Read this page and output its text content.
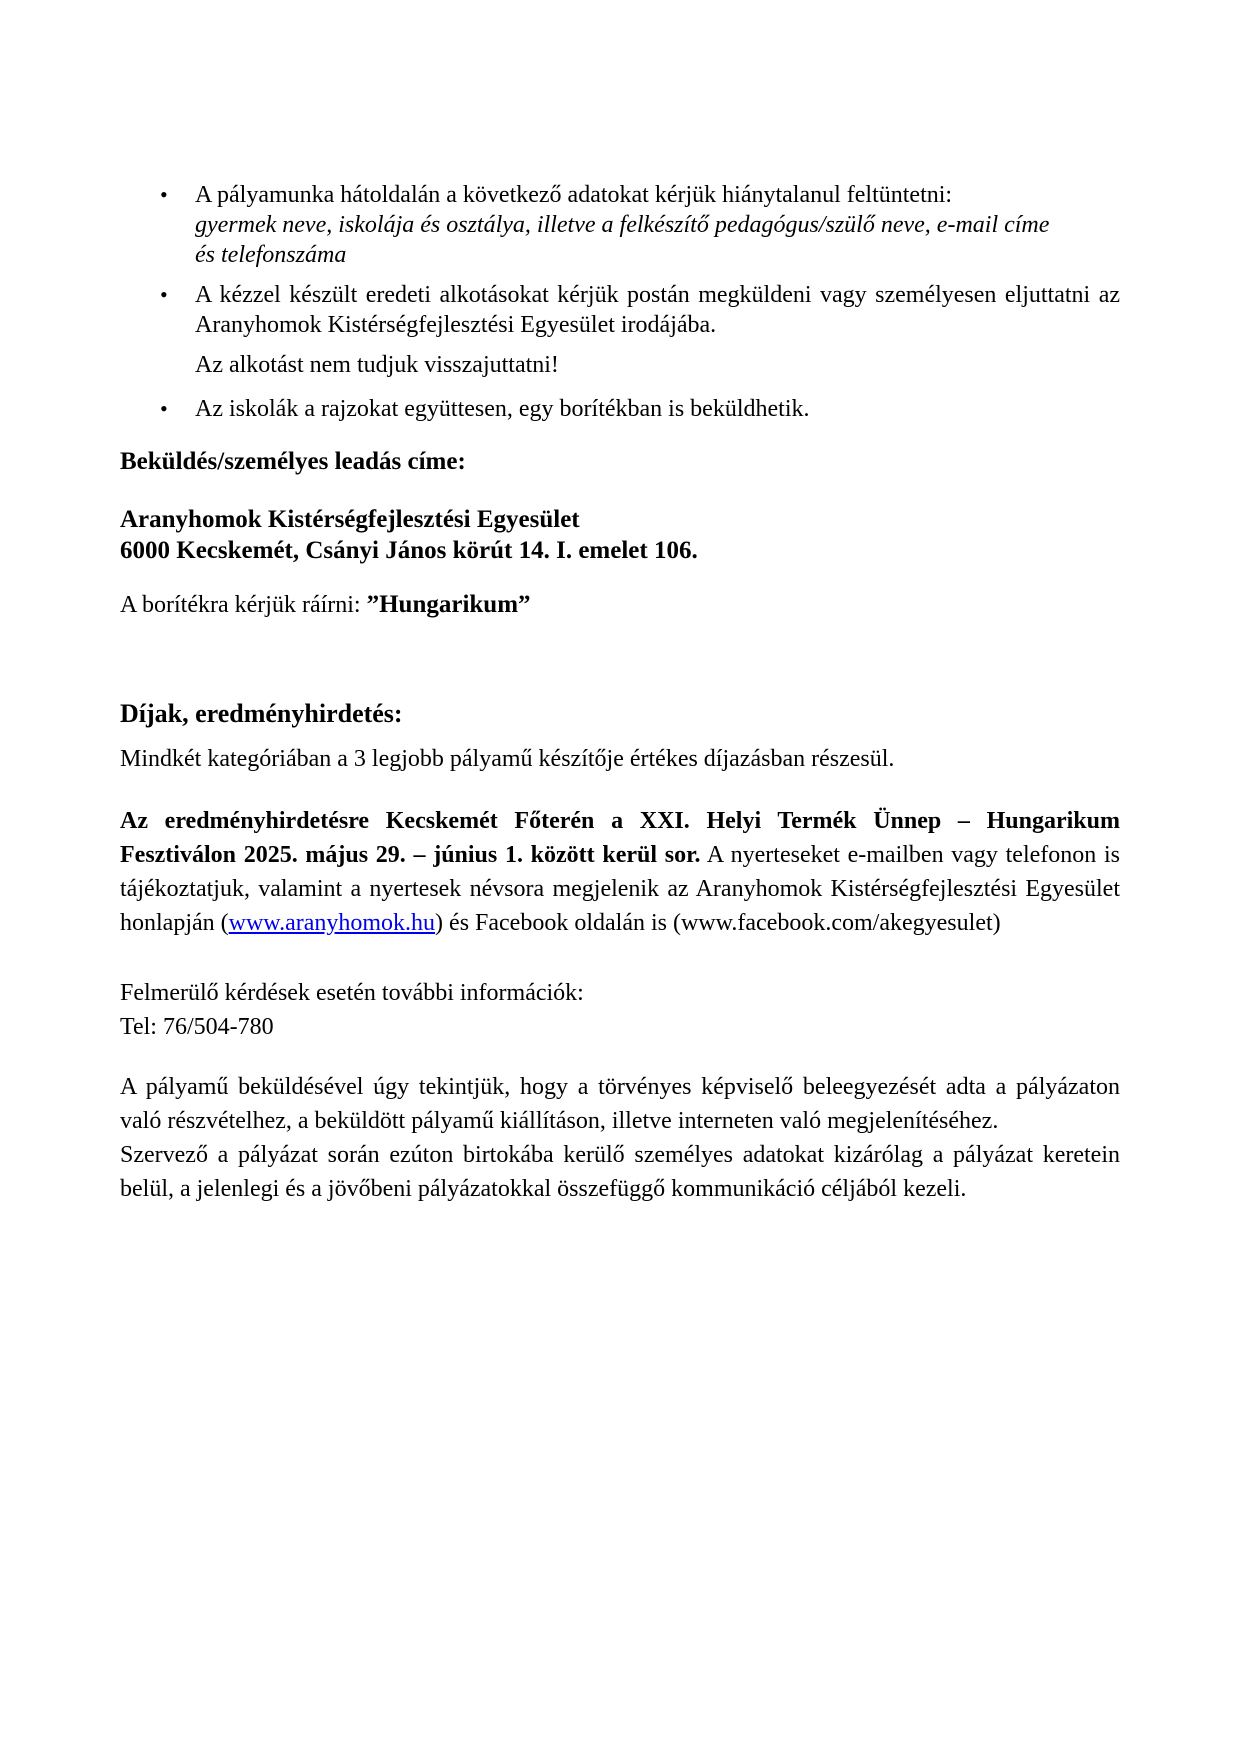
•	A pályamunka hátoldalán a következő adatokat kérjük hiánytalanul feltüntetni:
gyermek neve, iskolája és osztálya, illetve a felkészítő pedagógus/szülő neve, e-mail címe
és telefonszáma
•	A kézzel készült eredeti alkotásokat kérjük postán megküldeni vagy személyesen eljuttatni az Aranyhomok Kistérségfejlesztési Egyesület irodájába.
Az alkotást nem tudjuk visszajuttatni!
•	Az iskolák a rajzokat együttesen, egy borítékban is beküldhetik.
Beküldés/személyes leadás címe:
Aranyhomok Kistérségfejlesztési Egyesület
6000 Kecskemét, Csányi János körút 14. I. emelet 106.
A borítékra kérjük ráírni: ”Hungarikum”
Díjak, eredményhirdetés:
Mindkét kategóriában a 3 legjobb pályamű készítője értékes díjazásban részesül.
Az eredményhirdetésre Kecskemét Főterén a XXI. Helyi Termék Ünnep – Hungarikum Fesztiválon 2025. május 29. – június 1. között kerül sor. A nyerteseket e-mailben vagy telefonon is tájékoztatjuk, valamint a nyertesek névsora megjelenik az Aranyhomok Kistérségfejlesztési Egyesület honlapján (www.aranyhomok.hu) és Facebook oldalán is (www.facebook.com/akegyesulet)
Felmerülő kérdések esetén további információk:
Tel: 76/504-780
A pályamű beküldésével úgy tekintjük, hogy a törvényes képviselő beleegyezését adta a pályázaton való részvételhez, a beküldött pályamű kiállításon, illetve interneten való megjelenítéséhez.
Szervező a pályázat során ezúton birtokába kerülő személyes adatokat kizárólag a pályázat keretein belül, a jelenlegi és a jövőbeni pályázatokkal összefüggő kommunikáció céljából kezeli.
